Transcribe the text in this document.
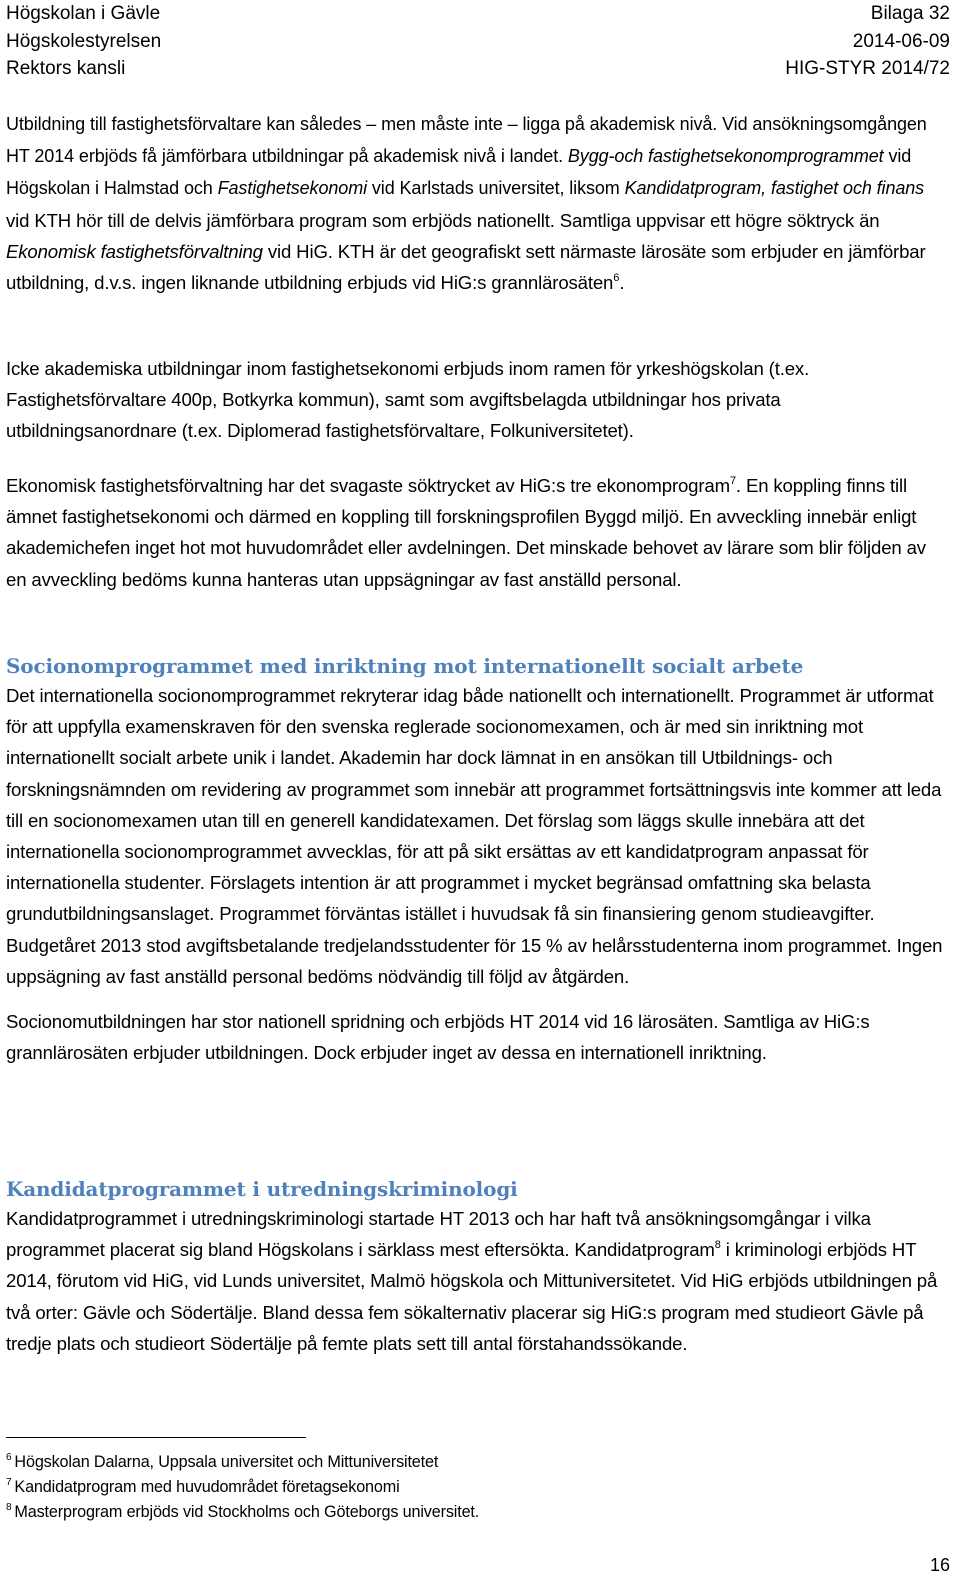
Högskolan i Gävle	Bilaga 32
Högskolestyrelsen	2014-06-09
Rektors kansli	HIG-STYR 2014/72

Utbildning till fastighetsförvaltare kan således – men måste inte – ligga på akademisk nivå. Vid ansökningsomgången HT 2014 erbjöds få jämförbara utbildningar på akademisk nivå i landet. Bygg-och fastighetsekonomprogrammet vid Högskolan i Halmstad och Fastighetsekonomi vid Karlstads universitet, liksom Kandidatprogram, fastighet och finans vid KTH hör till de delvis jämförbara program som erbjöds nationellt. Samtliga uppvisar ett högre söktryck än Ekonomisk fastighetsförvaltning vid HiG. KTH är det geografiskt sett närmaste lärosäte som erbjuder en jämförbar utbildning, d.v.s. ingen liknande utbildning erbjuds vid HiG:s grannlärosäten$^6$.

Icke akademiska utbildningar inom fastighetsekonomi erbjuds inom ramen för yrkeshögskolan (t.ex. Fastighetsförvaltare 400p, Botkyrka kommun), samt som avgiftsbelagda utbildningar hos privata utbildningsanordnare (t.ex. Diplomerad fastighetsförvaltare, Folkuniversitetet).

Ekonomisk fastighetsförvaltning har det svagaste söktrycket av HiG:s tre ekonomprogram$^7$. En koppling finns till ämnet fastighetsekonomi och därmed en koppling till forskningsprofilen Byggd miljö. En avveckling innebär enligt akademichefen inget hot mot huvudområdet eller avdelningen. Det minskade behovet av lärare som blir följden av en avveckling bedöms kunna hanteras utan uppsägningar av fast anställd personal.

Socionomprogrammet med inriktning mot internationellt socialt arbete

Det internationella socionomprogrammet rekryterar idag både nationellt och internationellt. Programmet är utformat för att uppfylla examenskraven för den svenska reglerade socionomexamen, och är med sin inriktning mot internationellt socialt arbete unik i landet. Akademin har dock lämnat in en ansökan till Utbildnings- och forskningsnämnden om revidering av programmet som innebär att programmet fortsättningsvis inte kommer att leda till en socionomexamen utan till en generell kandidatexamen. Det förslag som läggs skulle innebära att det internationella socionomprogrammet avvecklas, för att på sikt ersättas av ett kandidatprogram anpassat för internationella studenter. Förslagets intention är att programmet i mycket begränsad omfattning ska belasta grundutbildningsanslaget. Programmet förväntas istället i huvudsak få sin finansiering genom studieavgifter. Budgetåret 2013 stod avgiftsbetalande tredjelandsstudenter för 15 % av helårsstudenterna inom programmet. Ingen uppsägning av fast anställd personal bedöms nödvändig till följd av åtgärden.

Socionomutbildningen har stor nationell spridning och erbjöds HT 2014 vid 16 lärosäten. Samtliga av HiG:s grannlärosäten erbjuder utbildningen. Dock erbjuder inget av dessa en internationell inriktning.

Kandidatprogrammet i utredningskriminologi

Kandidatprogrammet i utredningskriminologi startade HT 2013 och har haft två ansökningsomgångar i vilka programmet placerat sig bland Högskolans i särklass mest eftersökta. Kandidatprogram$^8$ i kriminologi erbjöds HT 2014, förutom vid HiG, vid Lunds universitet, Malmö högskola och Mittuniversitetet. Vid HiG erbjöds utbildningen på två orter: Gävle och Södertälje. Bland dessa fem sökalternativ placerar sig HiG:s program med studieort Gävle på tredje plats och studieort Södertälje på femte plats sett till antal förstahandssökande.

$^6$ Högskolan Dalarna, Uppsala universitet och Mittuniversitetet
$^7$ Kandidatprogram med huvudområdet företagsekonomi
$^8$ Masterprogram erbjöds vid Stockholms och Göteborgs universitet.
16
